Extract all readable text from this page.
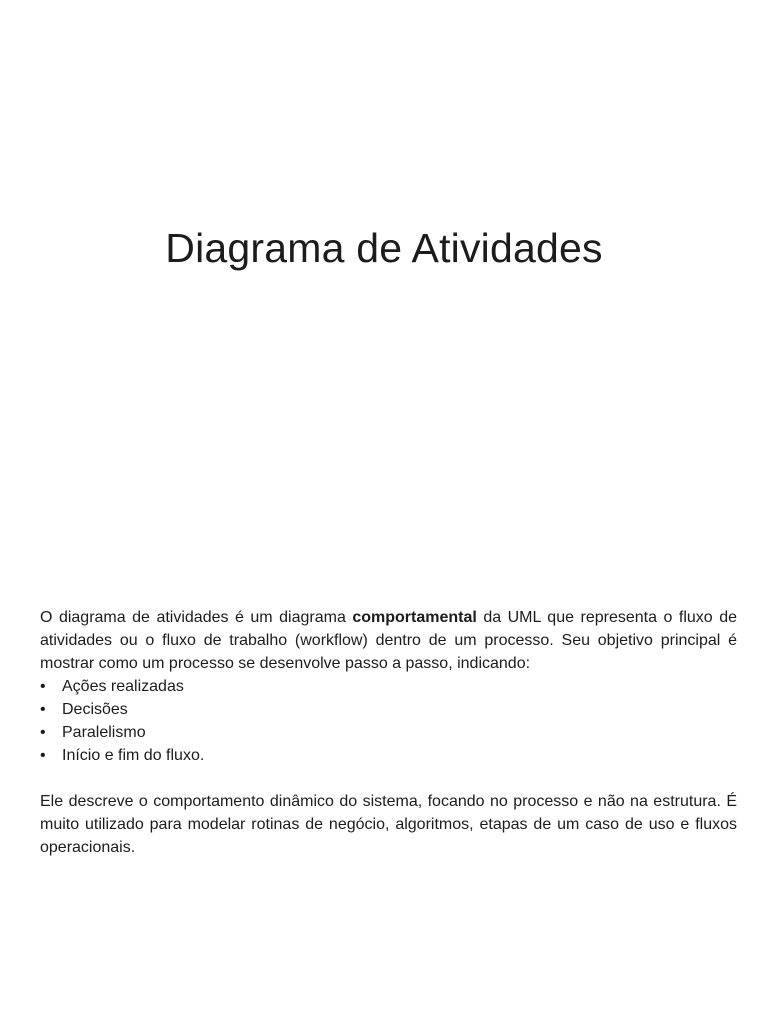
Diagrama de Atividades

O diagrama de atividades é um diagrama comportamental da UML que representa o fluxo de atividades ou o fluxo de trabalho (workflow) dentro de um processo. Seu objetivo principal é mostrar como um processo se desenvolve passo a passo, indicando:

• Ações realizadas
• Decisões
• Paralelismo
• Início e fim do fluxo.

Ele descreve o comportamento dinâmico do sistema, focando no processo e não na estrutura. É muito utilizado para modelar rotinas de negócio, algoritmos, etapas de um caso de uso e fluxos operacionais.
